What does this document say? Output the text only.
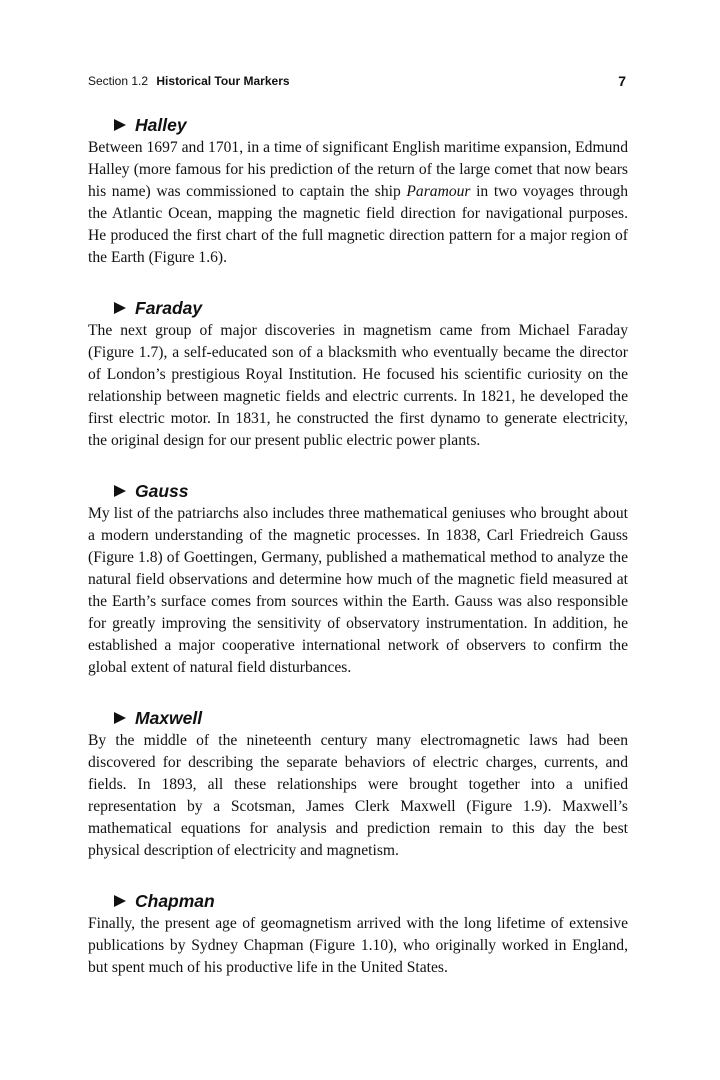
Section 1.2 Historical Tour Markers	7
Halley

Between 1697 and 1701, in a time of significant English maritime expansion, Edmund Halley (more famous for his prediction of the return of the large comet that now bears his name) was commissioned to captain the ship Paramour in two voyages through the Atlantic Ocean, mapping the magnetic field direction for navigational purposes. He produced the first chart of the full magnetic direction pattern for a major region of the Earth (Figure 1.6).

Faraday

The next group of major discoveries in magnetism came from Michael Faraday (Figure 1.7), a self-educated son of a blacksmith who eventually became the director of London’s prestigious Royal Institution. He focused his scientific curiosity on the relationship between magnetic fields and electric currents. In 1821, he developed the first electric motor. In 1831, he constructed the first dynamo to generate electricity, the original design for our present public electric power plants.

Gauss

My list of the patriarchs also includes three mathematical geniuses who brought about a modern understanding of the magnetic processes. In 1838, Carl Friedreich Gauss (Figure 1.8) of Goettingen, Germany, published a mathematical method to analyze the natural field observations and determine how much of the magnetic field measured at the Earth’s surface comes from sources within the Earth. Gauss was also responsible for greatly improving the sensitivity of observatory instrumentation. In addition, he established a major cooperative international network of observers to confirm the global extent of natural field disturbances.

Maxwell

By the middle of the nineteenth century many electromagnetic laws had been discovered for describing the separate behaviors of electric charges, currents, and fields. In 1893, all these relationships were brought together into a unified representation by a Scotsman, James Clerk Maxwell (Figure 1.9). Maxwell’s mathematical equations for analysis and prediction remain to this day the best physical description of electricity and magnetism.

Chapman

Finally, the present age of geomagnetism arrived with the long lifetime of extensive publications by Sydney Chapman (Figure 1.10), who originally worked in England, but spent much of his productive life in the United States.
